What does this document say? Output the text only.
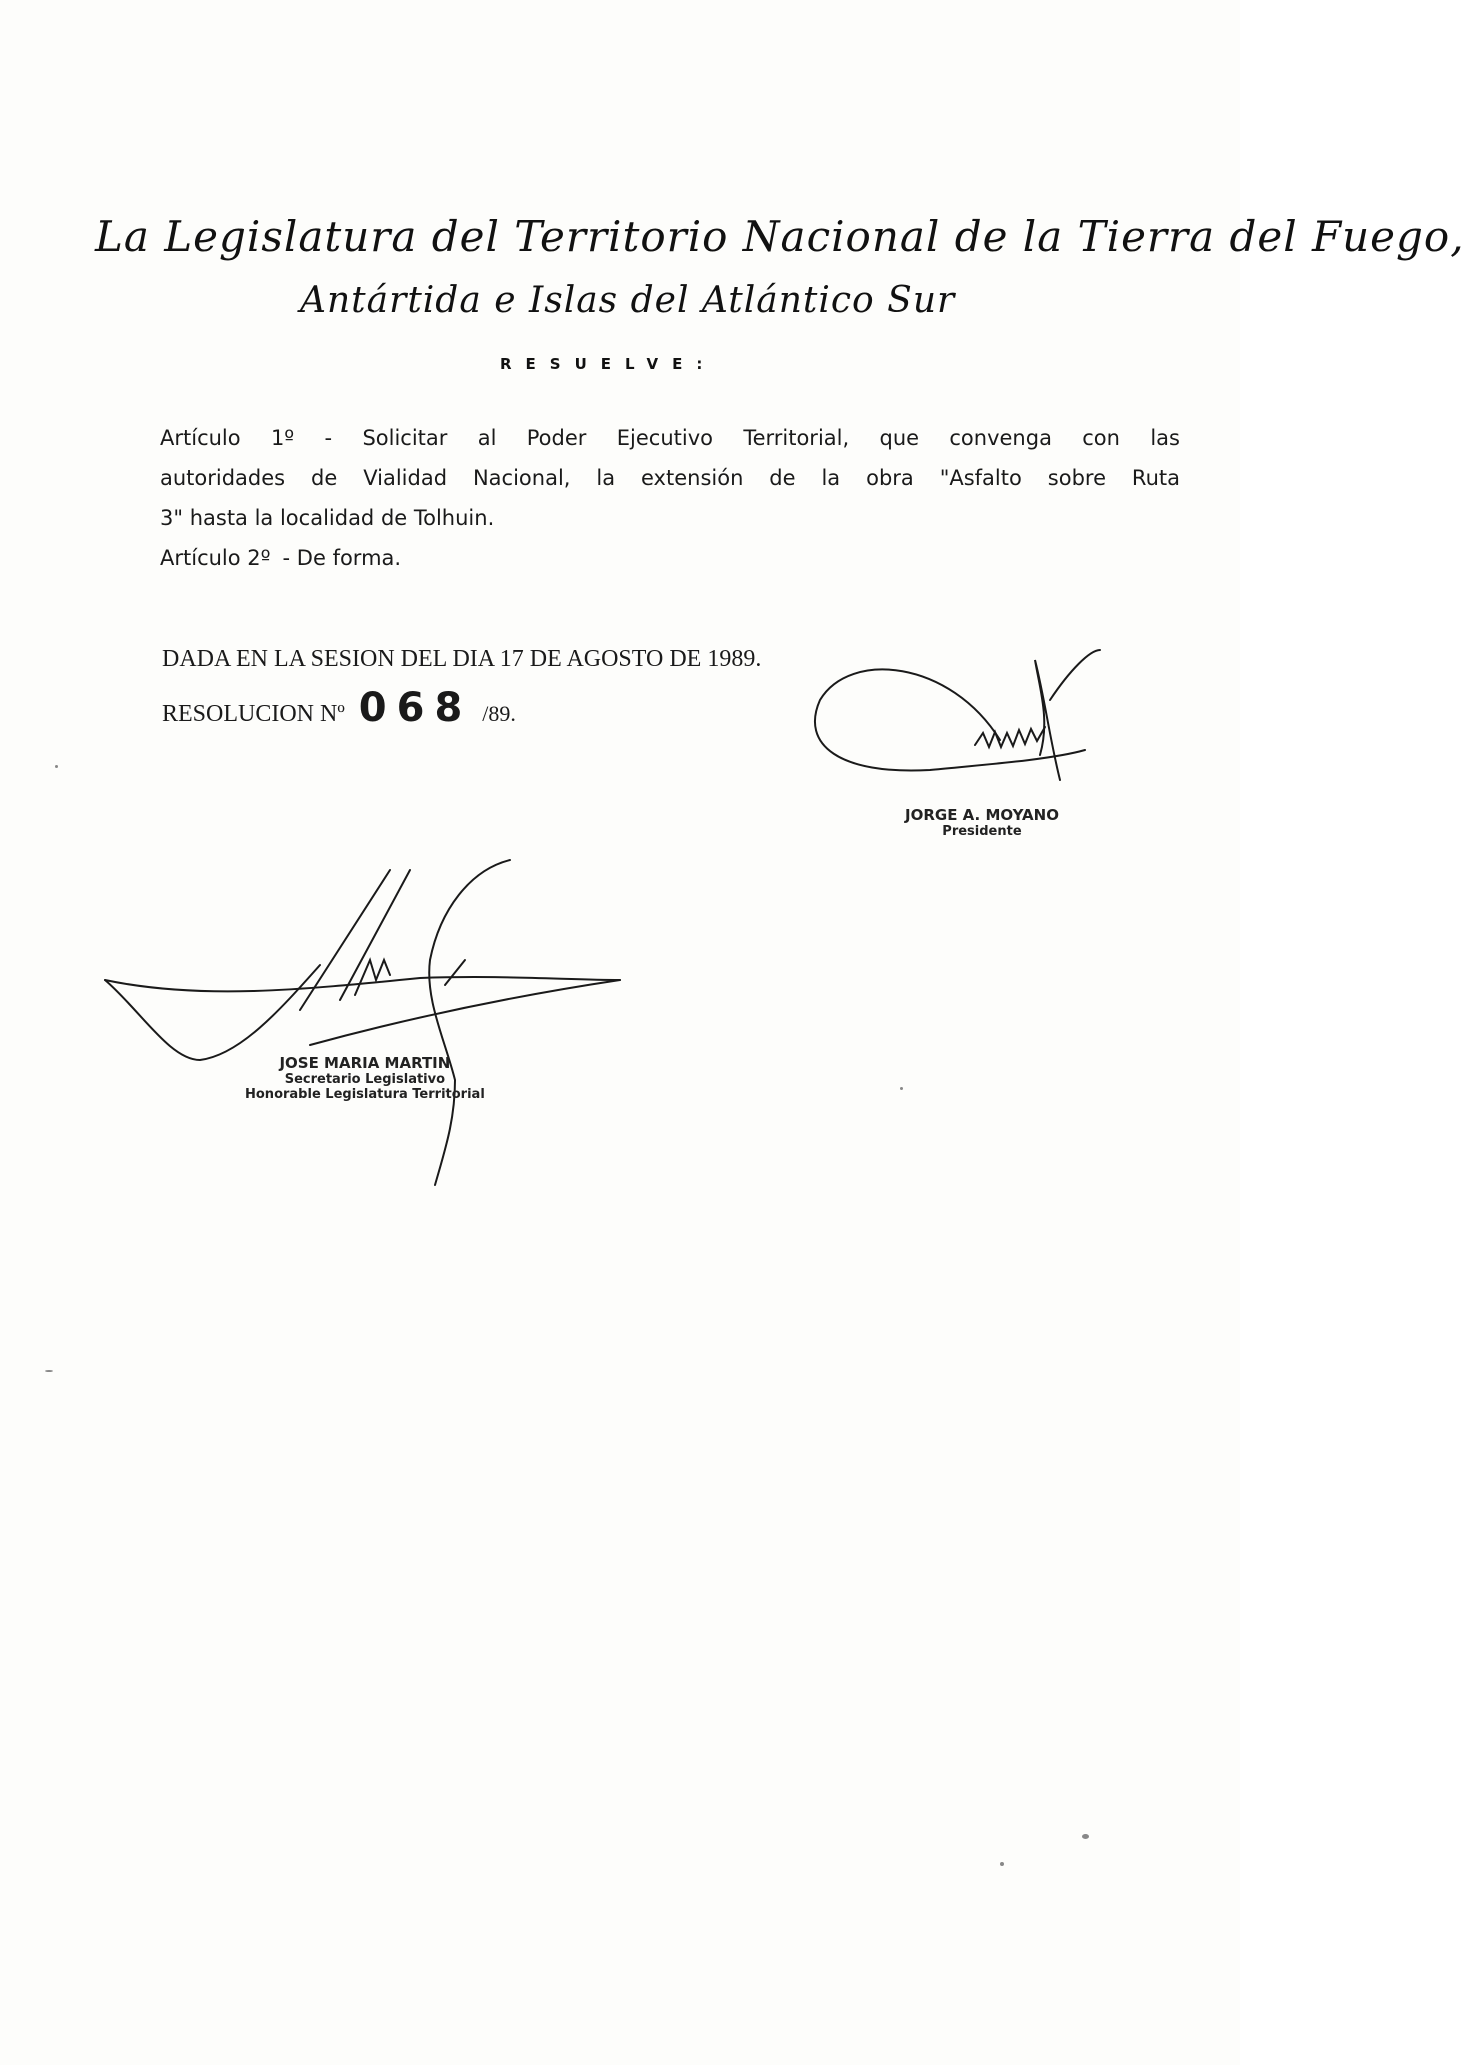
La Legislatura del Territorio Nacional de la Tierra del Fuego,
Antártida e Islas del Atlántico Sur
RESUELVE:
Artículo 1º - Solicitar al Poder Ejecutivo Territorial, que convenga con las
autoridades de Vialidad Nacional, la extensión de la obra "Asfalto sobre Ruta
3" hasta la localidad de Tolhuin.
Artículo 2º - De forma.
DADA EN LA SESION DEL DIA 17 DE AGOSTO DE 1989.
RESOLUCION Nº 068 /89.
JORGE A. MOYANO
Presidente
JOSE MARIA MARTIN
Secretario Legislativo
Honorable Legislatura Territorial
